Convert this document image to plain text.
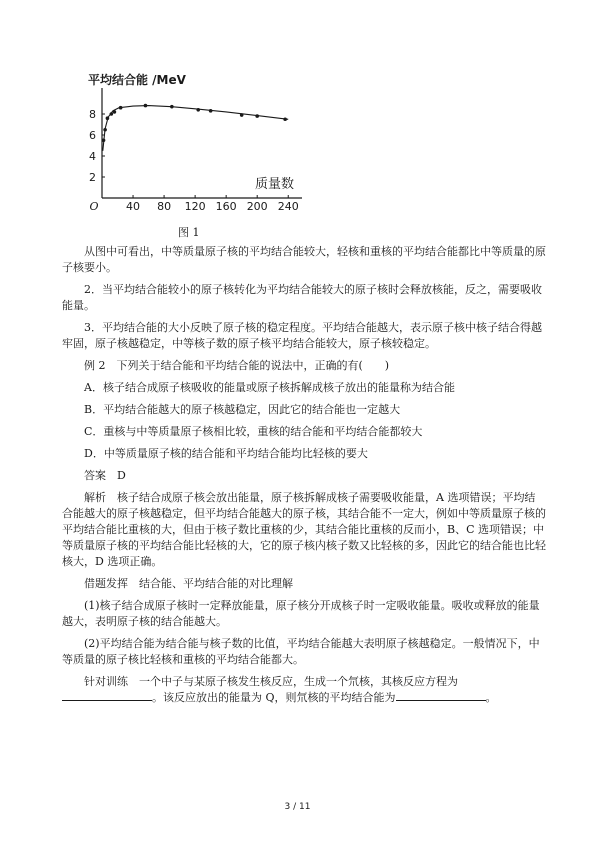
40 80 120 160 200 240
2
4
6
8
O
平均结合能 /MeV
质量数
图 1

从图中可看出，中等质量原子核的平均结合能较大，轻核和重核的平均结合能都比中等质量的原子核要小。

2．当平均结合能较小的原子核转化为平均结合能较大的原子核时会释放核能，反之，需要吸收能量。

3．平均结合能的大小反映了原子核的稳定程度。平均结合能越大，表示原子核中核子结合得越牢固，原子核越稳定，中等核子数的原子核平均结合能较大，原子核较稳定。

例 2　下列关于结合能和平均结合能的说法中，正确的有(　　)

A．核子结合成原子核吸收的能量或原子核拆解成核子放出的能量称为结合能

B．平均结合能越大的原子核越稳定，因此它的结合能也一定越大

C．重核与中等质量原子核相比较，重核的结合能和平均结合能都较大

D．中等质量原子核的结合能和平均结合能均比轻核的要大

答案　D

解析　核子结合成原子核会放出能量，原子核拆解成核子需要吸收能量，A 选项错误；平均结合能越大的原子核越稳定，但平均结合能越大的原子核，其结合能不一定大，例如中等质量原子核的平均结合能比重核的大，但由于核子数比重核的少，其结合能比重核的反而小，B、C 选项错误；中等质量原子核的平均结合能比轻核的大，它的原子核内核子数又比轻核的多，因此它的结合能也比轻核大，D 选项正确。

借题发挥　结合能、平均结合能的对比理解

(1)核子结合成原子核时一定释放能量，原子核分开成核子时一定吸收能量。吸收或释放的能量越大，表明原子核的结合能越大。

(2)平均结合能为结合能与核子数的比值，平均结合能越大表明原子核越稳定。一般情况下，中等质量的原子核比轻核和重核的平均结合能都大。

针对训练　一个中子与某原子核发生核反应，生成一个氘核，其核反应方程为
。该反应放出的能量为 Q，则氘核的平均结合能为	。

3 / 11
